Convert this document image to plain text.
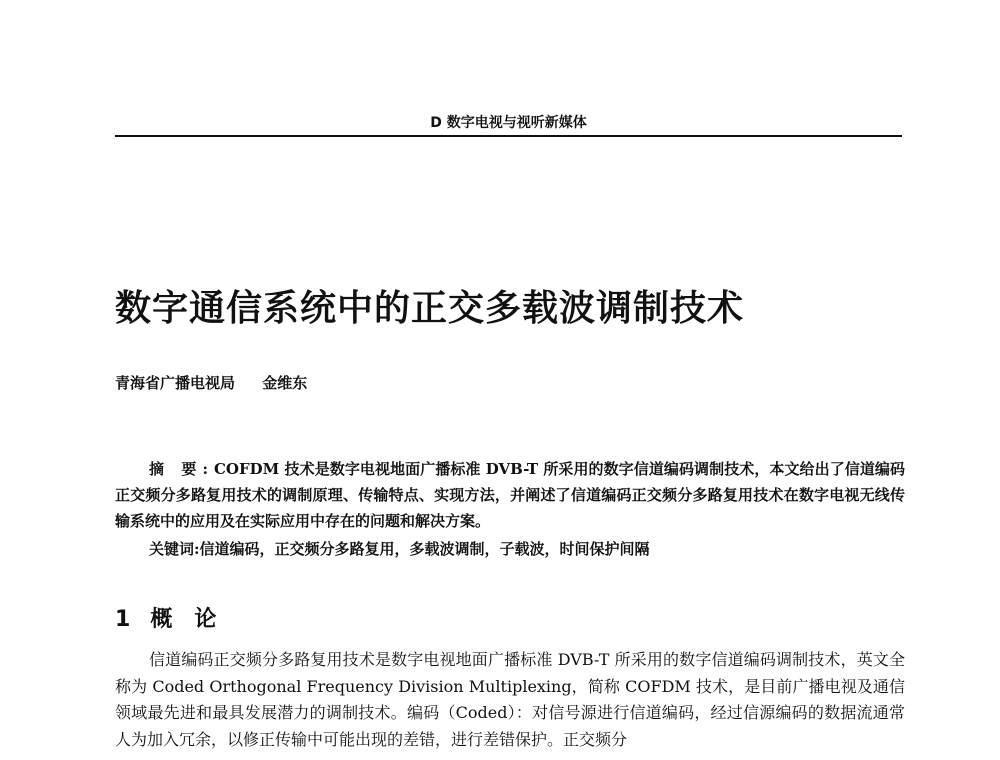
D 数字电视与视听新媒体
数字通信系统中的正交多载波调制技术
青海省广播电视局 金维东
摘 要:COFDM 技术是数字电视地面广播标准 DVB-T 所采用的数字信道编码调制技术，本文给出了信道编码正交频分多路复用技术的调制原理、传输特点、实现方法，并阐述了信道编码正交频分多路复用技术在数字电视无线传输系统中的应用及在实际应用中存在的问题和解决方案。
关键词:信道编码，正交频分多路复用，多载波调制，子载波，时间保护间隔
1 概论
信道编码正交频分多路复用技术是数字电视地面广播标准 DVB-T 所采用的数字信道编码调制技术，英文全称为 Coded Orthogonal Frequency Division Multiplexing，简称 COFDM 技术，是目前广播电视及通信领域最先进和最具发展潜力的调制技术。编码（Coded）：对信号源进行信道编码，经过信源编码的数据流通常人为加入冗余，以修正传输中可能出现的差错，进行差错保护。正交频分
